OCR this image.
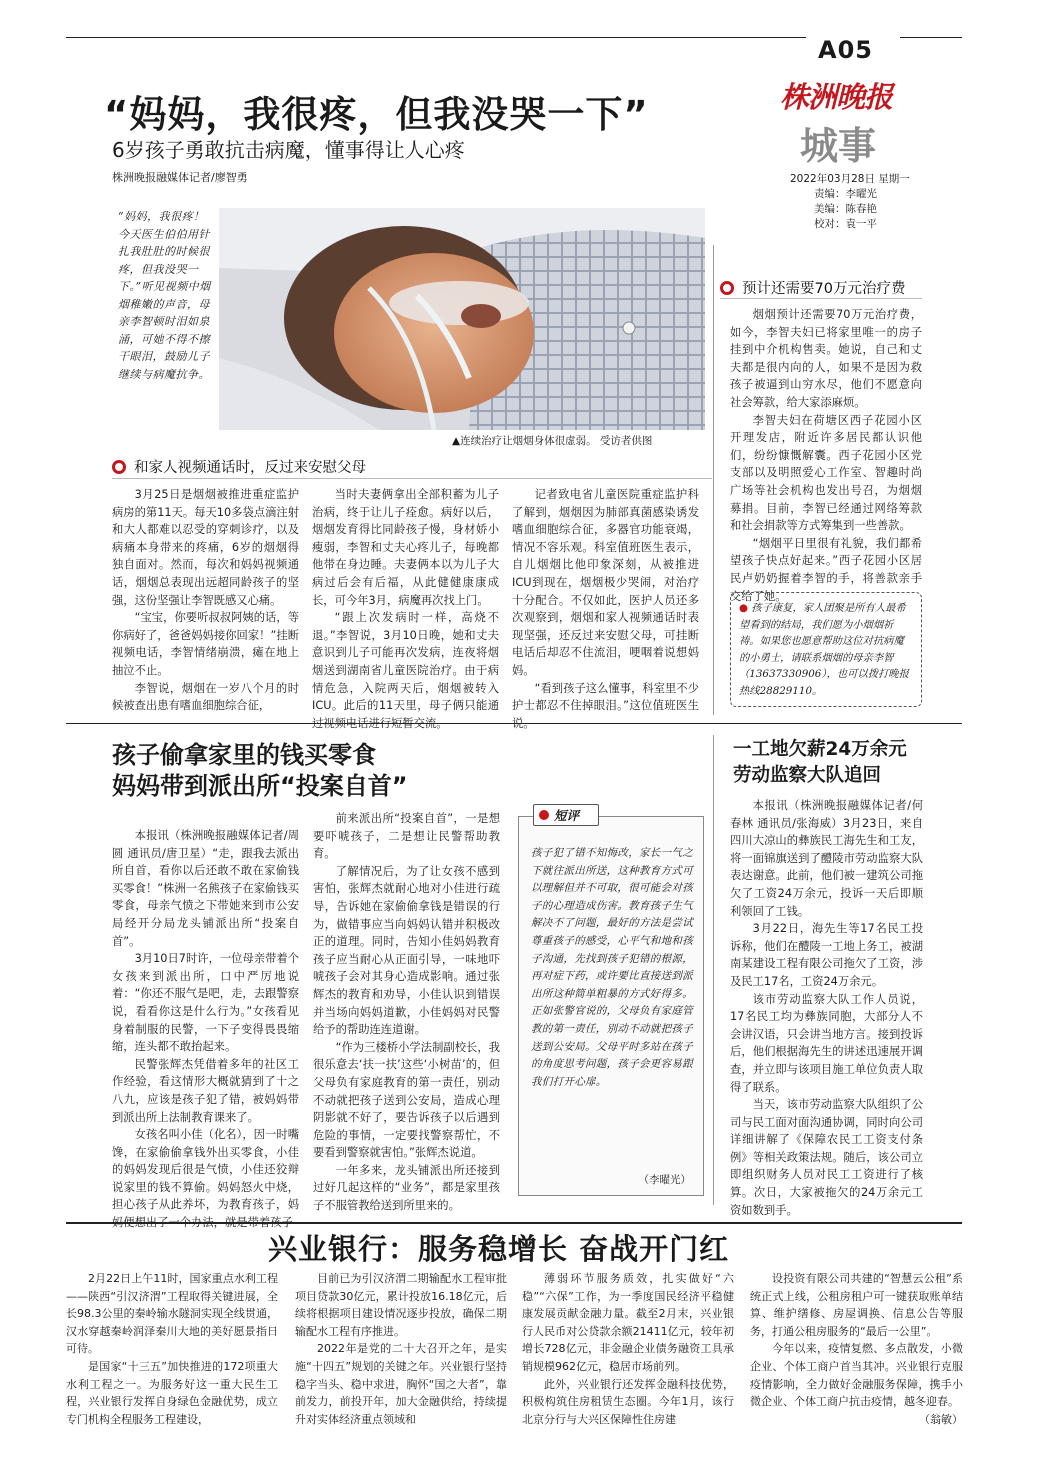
A05
株洲晚报
城事
2022年03月28日 星期一
责编：李曜光
美编：陈春艳
校对：袁一平
“妈妈，我很疼，但我没哭一下”
6岁孩子勇敢抗击病魔，懂事得让人心疼
株洲晚报融媒体记者/廖智勇
“妈妈，我很疼！今天医生伯伯用针扎我肚肚的时候很疼，但我没哭一下。”听见视频中烟烟稚嫩的声音，母亲李智顿时泪如泉涌，可她不得不擦干眼泪，鼓励儿子继续与病魔抗争。
▲连续治疗让烟烟身体很虚弱。 受访者供图
和家人视频通话时，反过来安慰父母

3月25日是烟烟被推进重症监护病房的第11天。每天10多袋点滴注射和大人都难以忍受的穿刺诊疗，以及病痛本身带来的疼痛，6岁的烟烟得独自面对。然而，每次和妈妈视频通话，烟烟总表现出远超同龄孩子的坚强，这份坚强让李智既感又心痛。

“宝宝，你要听叔叔阿姨的话，等你病好了，爸爸妈妈接你回家！”挂断视频电话，李智情绪崩溃，瘫在地上抽泣不止。

李智说，烟烟在一岁八个月的时候被查出患有嗜血细胞综合征，

当时夫妻俩拿出全部积蓄为儿子治病，终于让儿子痊愈。病好以后，烟烟发育得比同龄孩子慢，身材娇小瘦弱，李智和丈夫心疼儿子，每晚都他带在身边睡。夫妻俩本以为儿子大病过后会有后福，从此健健康康成长，可今年3月，病魔再次找上门。

“跟上次发病时一样，高烧不退。”李智说，3月10日晚，她和丈夫意识到儿子可能再次发病，连夜将烟烟送到湖南省儿童医院治疗。由于病情危急，入院两天后，烟烟被转入ICU。此后的11天里，母子俩只能通过视频电话进行短暂交流。

记者致电省儿童医院重症监护科了解到，烟烟因为肺部真菌感染诱发嗜血细胞综合征，多器官功能衰竭，情况不容乐观。科室值班医生表示，自儿烟烟比他印象深刻，从被推进ICU到现在，烟烟极少哭闹，对治疗十分配合。不仅如此，医护人员还多次观察到，烟烟和家人视频通话时表现坚强，还反过来安慰父母，可挂断电话后却忍不住流泪，哽咽着说想妈妈。

“看到孩子这么懂事，科室里不少护士都忍不住掉眼泪。”这位值班医生说。

预计还需要70万元治疗费

烟烟预计还需要70万元治疗费，如今，李智夫妇已将家里唯一的房子挂到中介机构售卖。她说，自己和丈夫都是很内向的人，如果不是因为救孩子被逼到山穷水尽，他们不愿意向社会筹款，给大家添麻烦。

李智夫妇在荷塘区西子花园小区开理发店，附近许多居民都认识他们，纷纷慷慨解囊。西子花园小区党支部以及明照爱心工作室、智趣时尚广场等社会机构也发出号召，为烟烟募捐。目前，李智已经通过网络筹款和社会捐款等方式筹集到一些善款。

“烟烟平日里很有礼貌，我们都希望孩子快点好起来。”西子花园小区居民卢奶奶握着李智的手，将善款亲手交给了她。

● 孩子康复，家人团聚是所有人最希望看到的结局，我们愿为小烟烟祈祷。如果您也愿意帮助这位对抗病魔的小勇士，请联系烟烟的母亲李智（13637330906），也可以拨打晚报热线28829110。
孩子偷拿家里的钱买零食
妈妈带到派出所“投案自首”

本报讯（株洲晚报融媒体记者/周圆 通讯员/唐卫星）“走，跟我去派出所自首，看你以后还敢不敢在家偷钱买零食！”株洲一名熊孩子在家偷钱买零食，母亲气愤之下带她来到市公安局经开分局龙头铺派出所“投案自首”。

3月10日7时许，一位母亲带着个女孩来到派出所，口中严厉地说着：“你还不服气是吧，走，去跟警察说，看看你这是什么行为。”女孩看见身着制服的民警，一下子变得畏畏缩缩，连头都不敢抬起来。

民警张辉杰凭借着多年的社区工作经验，看这情形大概就猜到了十之八九，应该是孩子犯了错，被妈妈带到派出所上法制教育课来了。

女孩名叫小佳（化名），因一时嘴馋，在家偷偷拿钱外出买零食，小佳的妈妈发现后很是气愤，小佳还狡辩说家里的钱不算偷。妈妈怒火中烧，担心孩子从此养坏，为教育孩子，妈妈便想出了一个办法，就是带着孩子

前来派出所“投案自首”，一是想要吓唬孩子，二是想让民警帮助教育。

了解情况后，为了让女孩不感到害怕，张辉杰就耐心地对小佳进行疏导，告诉她在家偷偷拿钱是错误的行为，做错事应当向妈妈认错并积极改正的道理。同时，告知小佳妈妈教育孩子应当耐心从正面引导，一味地吓唬孩子会对其身心造成影响。通过张辉杰的教育和劝导，小佳认识到错误并当场向妈妈道歉，小佳妈妈对民警给予的帮助连连道谢。

“作为三楼桥小学法制副校长，我很乐意去‘扶一扶’这些‘小树苗’的，但父母负有家庭教育的第一责任，别动不动就把孩子送到公安局，造成心理阴影就不好了，要告诉孩子以后遇到危险的事情，一定要找警察帮忙，不要看到警察就害怕。”张辉杰说道。

一年多来，龙头铺派出所还接到过好几起这样的“业务”，都是家里孩子不服管教给送到所里来的。

孩子犯了错不知悔改，家长一气之下就往派出所送，这种教育方式可以理解但并不可取，很可能会对孩子的心理造成伤害。教育孩子生气解决不了问题，最好的方法是尝试尊重孩子的感受，心平气和地和孩子沟通，先找到孩子犯错的根源，再对症下药，或许要比直接送到派出所这种简单粗暴的方式好得多。正如张警官说的，父母负有家庭管教的第一责任，别动不动就把孩子送到公安局。父母平时多站在孩子的角度思考问题，孩子会更容易跟我们打开心扉。
（李曜光）
短评
一工地欠薪24万余元
劳动监察大队追回

本报讯（株洲晚报融媒体记者/何春林 通讯员/张海威）3月23日，来自四川大凉山的彝族民工海先生和工友，将一面锦旗送到了醴陵市劳动监察大队表达谢意。此前，他们被一建筑公司拖欠了工资24万余元，投诉一天后即顺利领回了工钱。

3月22日，海先生等17名民工投诉称，他们在醴陵一工地上务工，被湖南某建设工程有限公司拖欠了工资，涉及民工17名，工资24万余元。

该市劳动监察大队工作人员说，17名民工均为彝族同胞，大部分人不会讲汉语，只会讲当地方言。接到投诉后，他们根据海先生的讲述迅速展开调查，并立即与该项目施工单位负责人取得了联系。

当天，该市劳动监察大队组织了公司与民工面对面沟通协调，同时向公司详细讲解了《保障农民工工资支付条例》等相关政策法规。随后，该公司立即组织财务人员对民工工资进行了核算。次日，大家被拖欠的24万余元工资如数到手。

兴业银行：服务稳增长 奋战开门红

2月22日上午11时，国家重点水利工程——陕西“引汉济渭”工程取得关键进展，全长98.3公里的秦岭输水隧洞实现全线贯通，汉水穿越秦岭润泽秦川大地的美好愿景指日可待。

是国家“十三五”加快推进的172项重大水利工程之一。为服务好这一重大民生工程，兴业银行发挥自身绿色金融优势，成立专门机构全程服务工程建设，

目前已为引汉济渭二期输配水工程审批项目贷款30亿元，累计投放16.18亿元，后续将根据项目建设情况逐步投放，确保二期输配水工程有序推进。

2022年是党的二十大召开之年，是实施“十四五”规划的关键之年。兴业银行坚持稳字当头、稳中求进，胸怀“国之大者”，靠前发力，前投开年，加大金融供给，持续提升对实体经济重点领域和

薄弱环节服务质效，扎实做好“六稳”“六保”工作，为一季度国民经济平稳健康发展贡献金融力量。截至2月末，兴业银行人民币对公贷款余额21411亿元，较年初增长728亿元，非金融企业债务融资工具承销规模962亿元，稳居市场前列。

此外，兴业银行还发挥金融科技优势，积极构筑住房租赁生态圈。今年1月，该行北京分行与大兴区保障性住房建

设投资有限公司共建的“智慧云公租”系统正式上线，公租房租户可一键获取账单结算、维护缮修、房屋调换、信息公告等服务，打通公租房服务的“最后一公里”。

今年以来，疫情复燃、多点散发，小微企业、个体工商户首当其冲。兴业银行克服疫情影响，全力做好金融服务保障，携手小微企业、个体工商户抗击疫情，越冬迎春。

（翁敏）
